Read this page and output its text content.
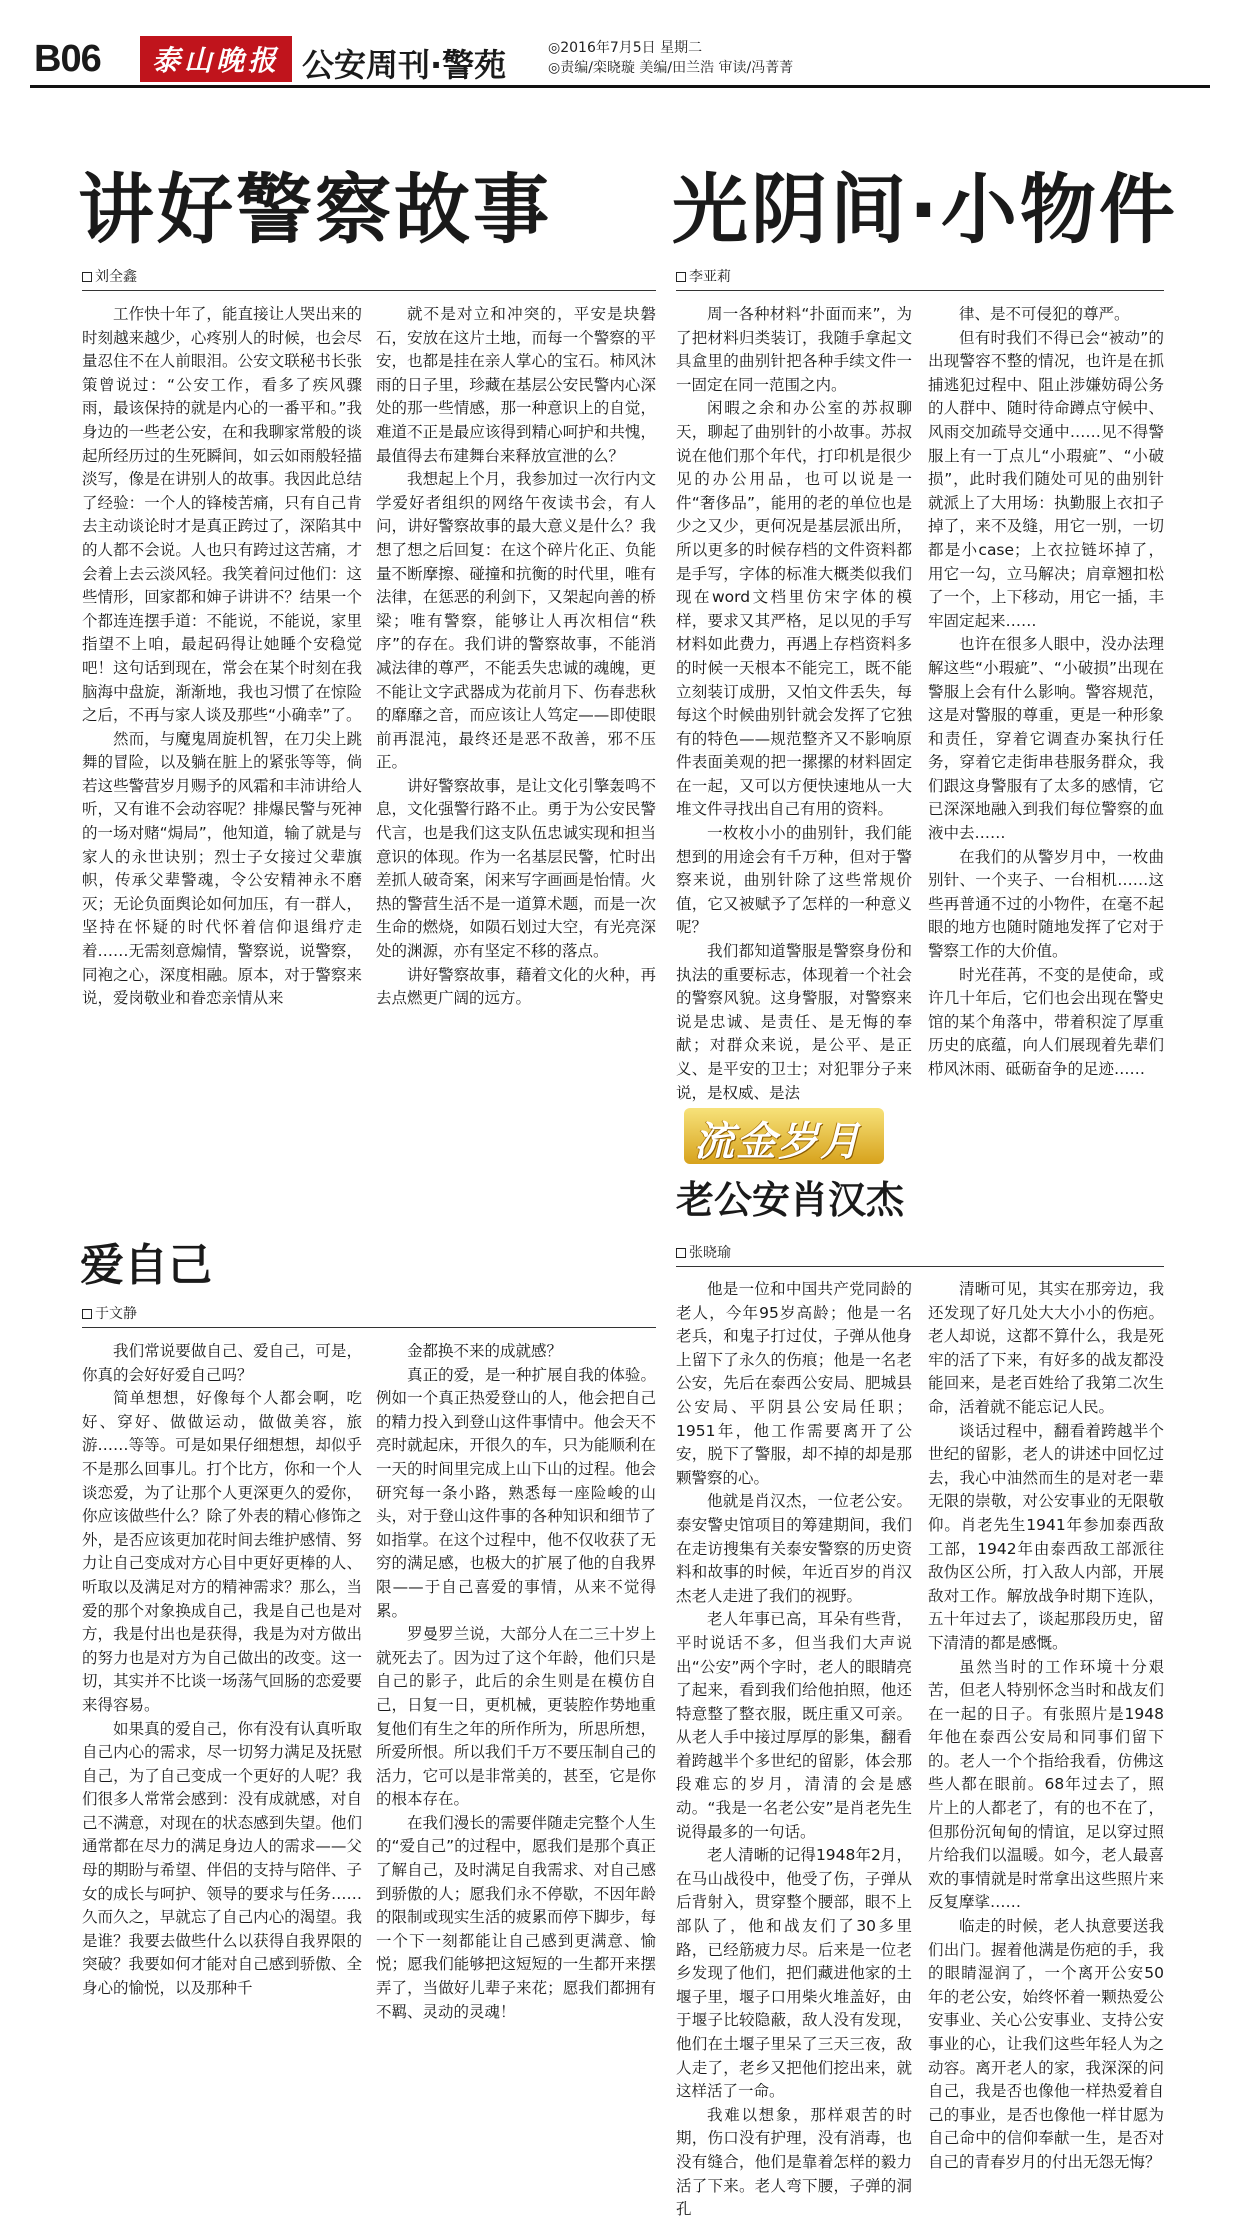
B06	泰山晚报 公安周刊·警苑	◎2016年7月5日 星期二
◎责编/栾晓璇 美编/田兰浩 审读/冯菁菁
讲好警察故事
刘全鑫

工作快十年了，能直接让人哭出来的时刻越来越少，心疼别人的时候，也会尽量忍住不在人前眼泪。公安文联秘书长张策曾说过：“公安工作，看多了疾风骤雨，最该保持的就是内心的一番平和。”我身边的一些老公安，在和我聊家常般的谈起所经历过的生死瞬间，如云如雨般轻描淡写，像是在讲别人的故事。我因此总结了经验：一个人的锋棱苦痛，只有自己肯去主动谈论时才是真正跨过了，深陷其中的人都不会说。人也只有跨过这苦痛，才会着上去云淡风轻。我笑着问过他们：这些情形，回家都和婶子讲讲不？结果一个个都连连摆手道：不能说，不能说，家里指望不上咱，最起码得让她睡个安稳觉吧！这句话到现在，常会在某个时刻在我脑海中盘旋，渐渐地，我也习惯了在惊险之后，不再与家人谈及那些“小确幸”了。

然而，与魔鬼周旋机智，在刀尖上跳舞的冒险，以及躺在脏上的紧张等等，倘若这些警营岁月赐予的风霜和丰沛讲给人听，又有谁不会动容呢？排爆民警与死神的一场对赌“焗局”，他知道，输了就是与家人的永世诀别；烈士子女接过父辈旗帜，传承父辈警魂，令公安精神永不磨灭；无论负面舆论如何加压，有一群人，坚持在怀疑的时代怀着信仰退缉疗走着……无需刻意煽情，警察说，说警察，同袍之心，深度相融。原本，对于警察来说，爱岗敬业和眷恋亲情从来

就不是对立和冲突的，平安是块磐石，安放在这片土地，而每一个警察的平安，也都是挂在亲人掌心的宝石。柿风沐雨的日子里，珍藏在基层公安民警内心深处的那一些情感，那一种意识上的自觉，难道不正是最应该得到精心呵护和共愧，最值得去布建舞台来释放宣泄的么？

我想起上个月，我参加过一次行内文学爱好者组织的网络午夜读书会，有人问，讲好警察故事的最大意义是什么？我想了想之后回复：在这个碎片化正、负能量不断摩擦、碰撞和抗衡的时代里，唯有法律，在惩恶的利剑下，又架起向善的桥梁；唯有警察，能够让人再次相信“秩序”的存在。我们讲的警察故事，不能消减法律的尊严，不能丢失忠诚的魂魄，更不能让文字武器成为花前月下、伤春悲秋的靡靡之音，而应该让人笃定——即使眼前再混沌，最终还是恶不敌善，邪不压正。

讲好警察故事，是让文化引擎轰鸣不息，文化强警行路不止。勇于为公安民警代言，也是我们这支队伍忠诚实现和担当意识的体现。作为一名基层民警，忙时出差抓人破奇案，闲来写字画画是怡情。火热的警营生活不是一道算术题，而是一次生命的燃烧，如陨石划过大空，有光亮深处的渊源，亦有坚定不移的落点。

讲好警察故事，藉着文化的火种，再去点燃更广阔的远方。

光阴间·小物件
李亚莉

周一各种材料“扑面而来”，为了把材料归类装订，我随手拿起文具盒里的曲别针把各种手续文件一一固定在同一范围之内。

闲暇之余和办公室的苏叔聊天，聊起了曲别针的小故事。苏叔说在他们那个年代，打印机是很少见的办公用品，也可以说是一件“奢侈品”，能用的老的单位也是少之又少，更何况是基层派出所，所以更多的时候存档的文件资料都是手写，字体的标准大概类似我们现在word文档里仿宋字体的模样，要求又其严格，足以见的手写材料如此费力，再遇上存档资料多的时候一天根本不能完工，既不能立刻装订成册，又怕文件丢失，每每这个时候曲别针就会发挥了它独有的特色——规范整齐又不影响原件表面美观的把一摞摞的材料固定在一起，又可以方便快速地从一大堆文件寻找出自己有用的资料。

一枚枚小小的曲别针，我们能想到的用途会有千万种，但对于警察来说，曲别针除了这些常规价值，它又被赋予了怎样的一种意义呢？

我们都知道警服是警察身份和执法的重要标志，体现着一个社会的警察风貌。这身警服，对警察来说是忠诚、是责任、是无悔的奉献；对群众来说，是公平、是正义、是平安的卫士；对犯罪分子来说，是权威、是法

律、是不可侵犯的尊严。

但有时我们不得已会“被动”的出现警容不整的情况，也许是在抓捕逃犯过程中、阻止涉嫌妨碍公务的人群中、随时待命蹲点守候中、风雨交加疏导交通中……见不得警服上有一丁点儿“小瑕疵”、“小破损”，此时我们随处可见的曲别针就派上了大用场：执勤服上衣扣子掉了，来不及缝，用它一别，一切都是小case；上衣拉链坏掉了，用它一勾，立马解决；肩章翘扣松了一个，上下移动，用它一插，丰牢固定起来……

也许在很多人眼中，没办法理解这些“小瑕疵”、“小破损”出现在警服上会有什么影响。警容规范，这是对警服的尊重，更是一种形象和责任，穿着它调查办案执行任务，穿着它走街串巷服务群众，我们跟这身警服有了太多的感情，它已深深地融入到我们每位警察的血液中去……

在我们的从警岁月中，一枚曲别针、一个夹子、一台相机……这些再普通不过的小物件，在毫不起眼的地方也随时随地发挥了它对于警察工作的大价值。

时光荏苒，不变的是使命，或许几十年后，它们也会出现在警史馆的某个角落中，带着积淀了厚重历史的底蕴，向人们展现着先辈们栉风沐雨、砥砺奋争的足迹……

爱自己
于文静

我们常说要做自己、爱自己，可是，你真的会好好爱自己吗？

简单想想，好像每个人都会啊，吃好、穿好、做做运动，做做美容，旅游……等等。可是如果仔细想想，却似乎不是那么回事儿。打个比方，你和一个人谈恋爱，为了让那个人更深更久的爱你，你应该做些什么？除了外表的精心修饰之外，是否应该更加花时间去维护感情、努力让自己变成对方心目中更好更棒的人、听取以及满足对方的精神需求？那么，当爱的那个对象换成自己，我是自己也是对方，我是付出也是获得，我是为对方做出的努力也是对方为自己做出的改变。这一切，其实并不比谈一场荡气回肠的恋爱要来得容易。

如果真的爱自己，你有没有认真听取自己内心的需求，尽一切努力满足及抚慰自己，为了自己变成一个更好的人呢？我们很多人常常会感到：没有成就感，对自己不满意，对现在的状态感到失望。他们通常都在尽力的满足身边人的需求——父母的期盼与希望、伴侣的支持与陪伴、子女的成长与呵护、领导的要求与任务……久而久之，早就忘了自己内心的渴望。我是谁？我要去做些什么以获得自我界限的突破？我要如何才能对自己感到骄傲、全身心的愉悦，以及那种千

金都换不来的成就感？

真正的爱，是一种扩展自我的体验。例如一个真正热爱登山的人，他会把自己的精力投入到登山这件事情中。他会天不亮时就起床，开很久的车，只为能顺利在一天的时间里完成上山下山的过程。他会研究每一条小路，熟悉每一座险峻的山头，对于登山这件事的各种知识和细节了如指掌。在这个过程中，他不仅收获了无穷的满足感，也极大的扩展了他的自我界限——于自己喜爱的事情，从来不觉得累。

罗曼罗兰说，大部分人在二三十岁上就死去了。因为过了这个年龄，他们只是自己的影子，此后的余生则是在模仿自己，日复一日，更机械，更装腔作势地重复他们有生之年的所作所为，所思所想，所爱所恨。所以我们千万不要压制自己的活力，它可以是非常美的，甚至，它是你的根本存在。

在我们漫长的需要伴随走完整个人生的“爱自己”的过程中，愿我们是那个真正了解自己，及时满足自我需求、对自己感到骄傲的人；愿我们永不停歇，不因年龄的限制或现实生活的疲累而停下脚步，每一个下一刻都能让自己感到更满意、愉悦；愿我们能够把这短短的一生都开来摆弄了，当做好儿辈子来花；愿我们都拥有不羁、灵动的灵魂！

流金岁月
老公安肖汉杰
张晓瑜

他是一位和中国共产党同龄的老人，今年95岁高龄；他是一名老兵，和鬼子打过仗，子弹从他身上留下了永久的伤痕；他是一名老公安，先后在泰西公安局、肥城县公安局、平阴县公安局任职；1951年，他工作需要离开了公安，脱下了警服，却不掉的却是那颗警察的心。

他就是肖汉杰，一位老公安。泰安警史馆项目的筹建期间，我们在走访搜集有关泰安警察的历史资料和故事的时候，年近百岁的肖汉杰老人走进了我们的视野。

老人年事已高，耳朵有些背，平时说话不多，但当我们大声说出“公安”两个字时，老人的眼睛亮了起来，看到我们给他拍照，他还特意整了整衣服，既庄重又可亲。从老人手中接过厚厚的影集，翻看着跨越半个多世纪的留影，体会那段难忘的岁月，清清的会是感动。“我是一名老公安”是肖老先生说得最多的一句话。

老人清晰的记得1948年2月，在马山战役中，他受了伤，子弹从后背射入，贯穿整个腰部，眼不上部队了，他和战友们了30多里路，已经筋疲力尽。后来是一位老乡发现了他们，把们藏进他家的土堰子里，堰子口用柴火堆盖好，由于堰子比较隐蔽，敌人没有发现，他们在土堰子里呆了三天三夜，敌人走了，老乡又把他们挖出来，就这样活了一命。

我难以想象，那样艰苦的时期，伤口没有护理，没有消毒，也没有缝合，他们是靠着怎样的毅力活了下来。老人弯下腰，子弹的洞孔

清晰可见，其实在那旁边，我还发现了好几处大大小小的伤疤。老人却说，这都不算什么，我是死牢的活了下来，有好多的战友都没能回来，是老百姓给了我第二次生命，活着就不能忘记人民。

谈话过程中，翻看着跨越半个世纪的留影，老人的讲述中回忆过去，我心中油然而生的是对老一辈无限的崇敬，对公安事业的无限敬仰。肖老先生1941年参加泰西敌工部，1942年由泰西敌工部派往敌伪区公所，打入敌人内部，开展敌对工作。解放战争时期下连队，五十年过去了，谈起那段历史，留下清清的都是感慨。

虽然当时的工作环境十分艰苦，但老人特别怀念当时和战友们在一起的日子。有张照片是1948年他在泰西公安局和同事们留下的。老人一个个指给我看，仿佛这些人都在眼前。68年过去了，照片上的人都老了，有的也不在了，但那份沉甸甸的情谊，足以穿过照片给我们以温暖。如今，老人最喜欢的事情就是时常拿出这些照片来反复摩挲……

临走的时候，老人执意要送我们出门。握着他满是伤疤的手，我的眼睛湿润了，一个离开公安50年的老公安，始终怀着一颗热爱公安事业、关心公安事业、支持公安事业的心，让我们这些年轻人为之动容。离开老人的家，我深深的问自己，我是否也像他一样热爱着自己的事业，是否也像他一样甘愿为自己命中的信仰奉献一生，是否对自己的青春岁月的付出无怨无悔？
